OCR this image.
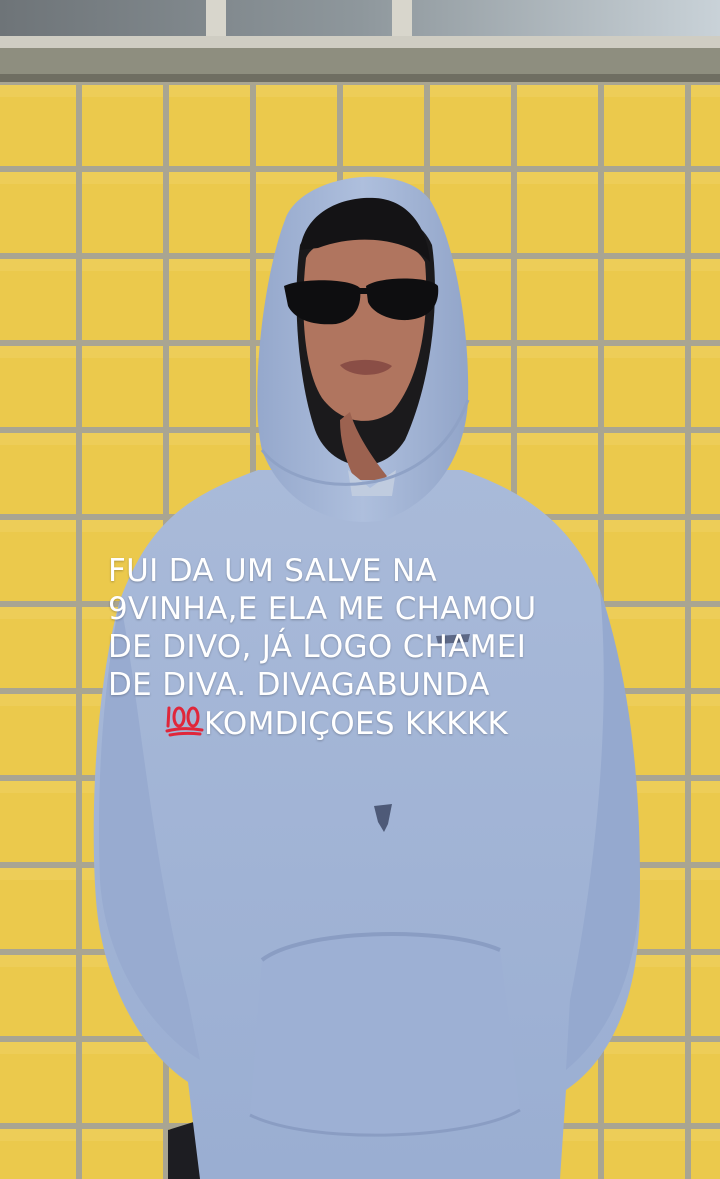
FUI DA UM SALVE NA
9VINHA,E ELA ME CHAMOU
DE DIVO, JÁ LOGO CHAMEI
DE DIVA. DIVAGABUNDA
KOMDIÇOES KKKKK
